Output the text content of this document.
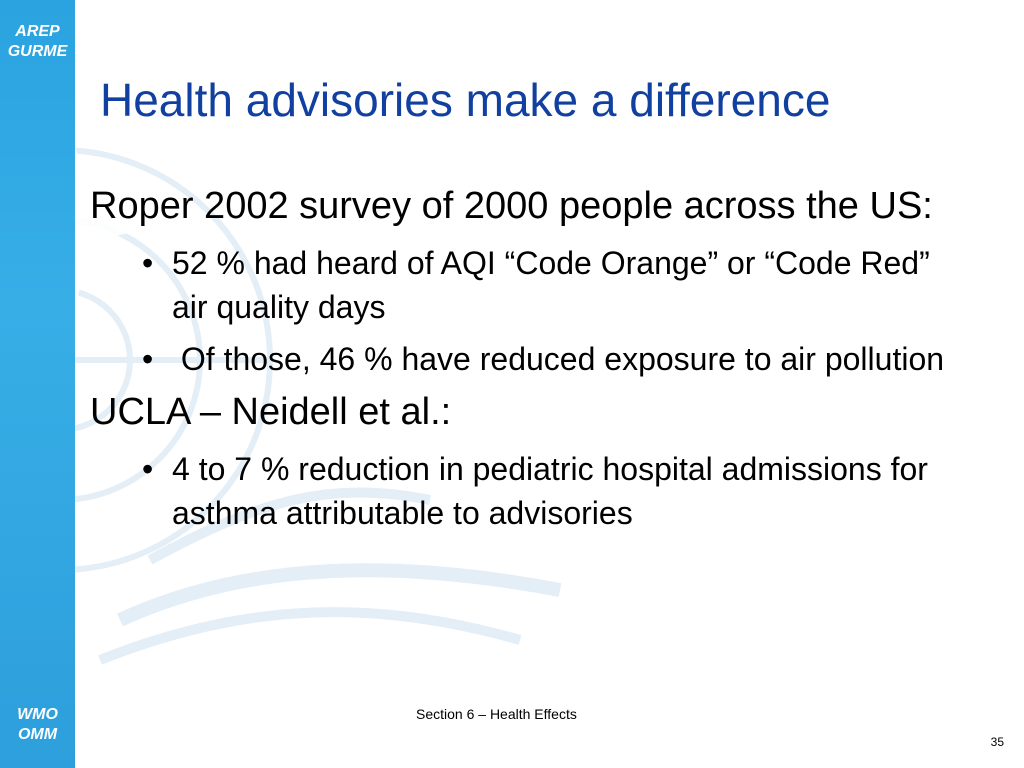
AREP
GURME
WMO
OMM
Health advisories make a difference
Roper 2002 survey of 2000 people across the US:
• 52 % had heard of AQI “Code Orange” or “Code Red” air quality days
• Of those, 46 % have reduced exposure to air pollution
UCLA – Neidell et al.:
• 4 to 7 % reduction in pediatric hospital admissions for asthma attributable to advisories
Section 6 – Health Effects
35
